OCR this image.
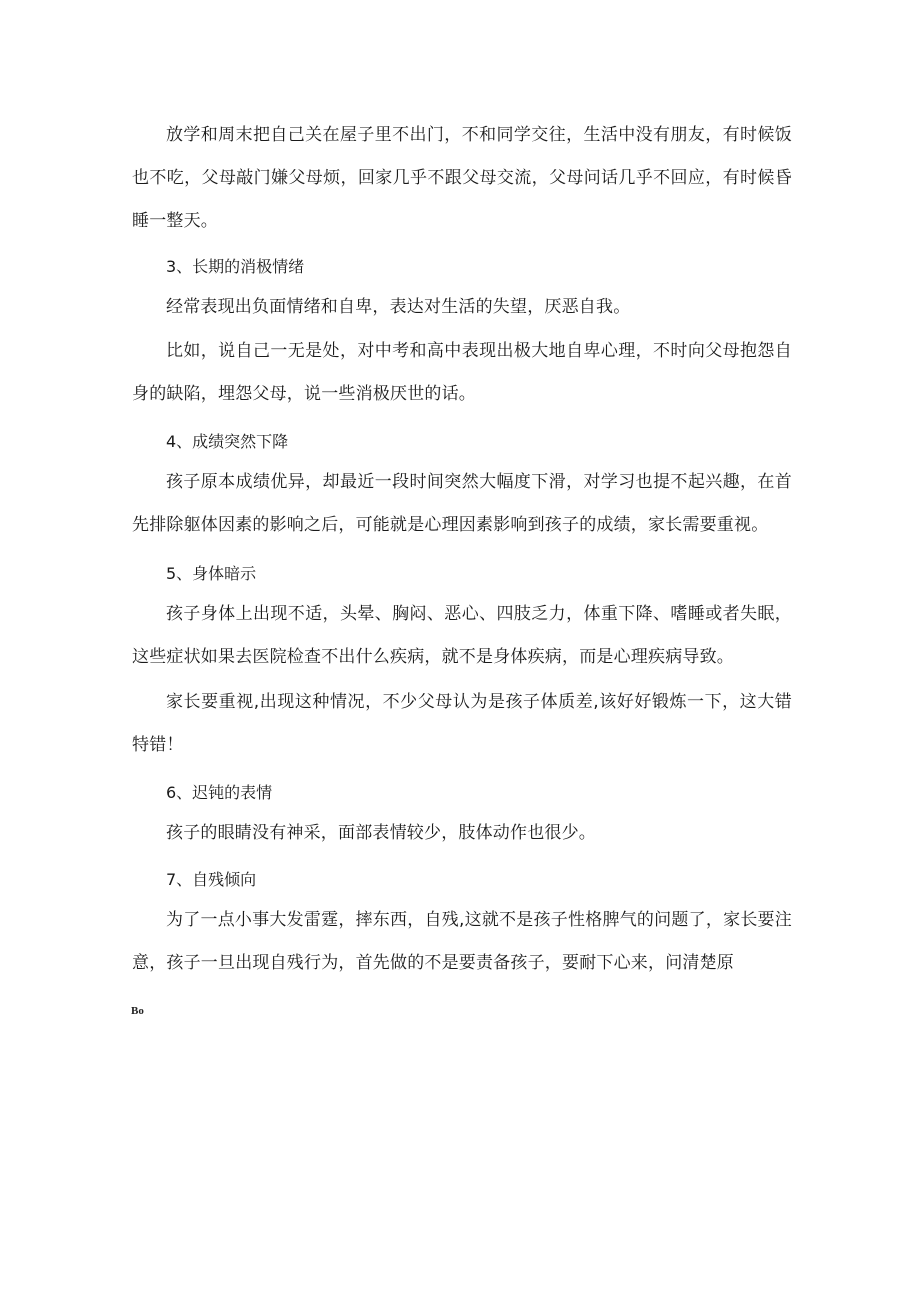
放学和周末把自己关在屋子里不出门，不和同学交往，生活中没有朋友，有时候饭也不吃，父母敲门嫌父母烦，回家几乎不跟父母交流，父母问话几乎不回应，有时候昏睡一整天。
3、长期的消极情绪
经常表现出负面情绪和自卑，表达对生活的失望，厌恶自我。
比如，说自己一无是处，对中考和高中表现出极大地自卑心理，不时向父母抱怨自身的缺陷，埋怨父母，说一些消极厌世的话。
4、成绩突然下降
孩子原本成绩优异，却最近一段时间突然大幅度下滑，对学习也提不起兴趣，在首先排除躯体因素的影响之后，可能就是心理因素影响到孩子的成绩，家长需要重视。
5、身体暗示
孩子身体上出现不适，头晕、胸闷、恶心、四肢乏力，体重下降、嗜睡或者失眠，这些症状如果去医院检查不出什么疾病，就不是身体疾病，而是心理疾病导致。
家长要重视,出现这种情况，不少父母认为是孩子体质差,该好好锻炼一下，这大错特错！
6、迟钝的表情
孩子的眼睛没有神采，面部表情较少，肢体动作也很少。
7、自残倾向
为了一点小事大发雷霆，摔东西，自残,这就不是孩子性格脾气的问题了，家长要注意，孩子一旦出现自残行为，首先做的不是要责备孩子，要耐下心来，问清楚原
Bo
